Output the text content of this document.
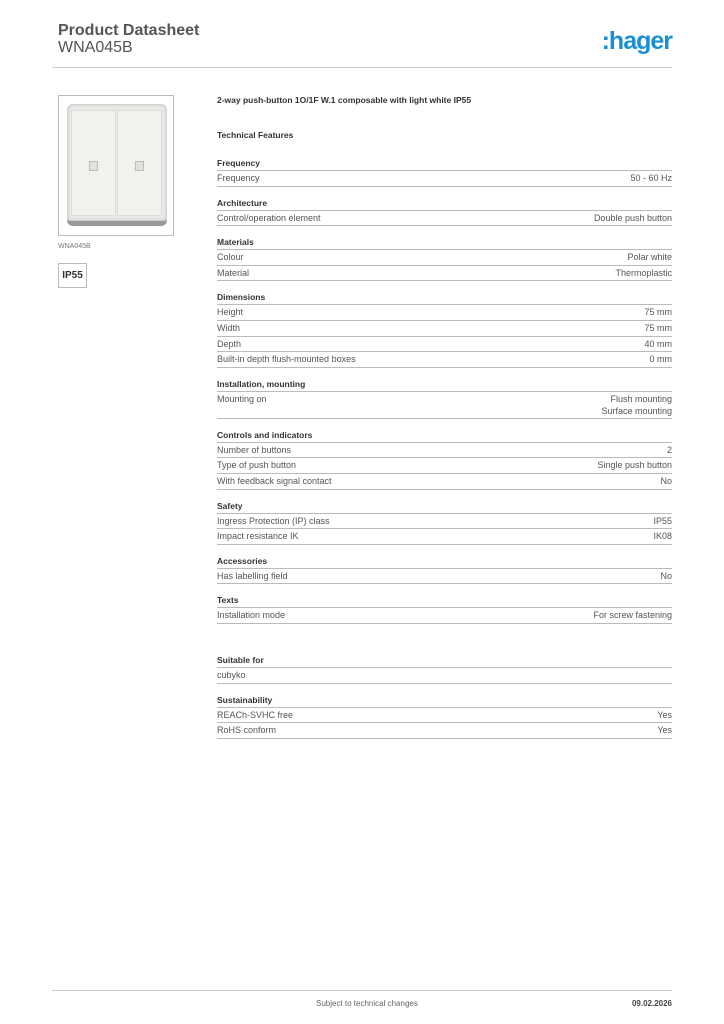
Product Datasheet
WNA045B	:hager
WNA045B
IP55
2-way push-button 1O/1F W.1 composable with light white IP55
Technical Features
Frequency
Frequency	50 - 60 Hz
Architecture
Control/operation element	Double push button
Materials
Colour	Polar white
Material	Thermoplastic
Dimensions
Height	75 mm
Width	75 mm
Depth	40 mm
Built-in depth flush-mounted boxes	0 mm
Installation, mounting
Mounting on	Flush mounting
Surface mounting
Controls and indicators
Number of buttons	2
Type of push button	Single push button
With feedback signal contact	No
Safety
Ingress Protection (IP) class	IP55
Impact resistance IK	IK08
Accessories
Has labelling field	No
Texts
Installation mode	For screw fastening
Suitable for
cubyko
Sustainability
REACh-SVHC free	Yes
RoHS conform	Yes
Subject to technical changes	09.02.2026
